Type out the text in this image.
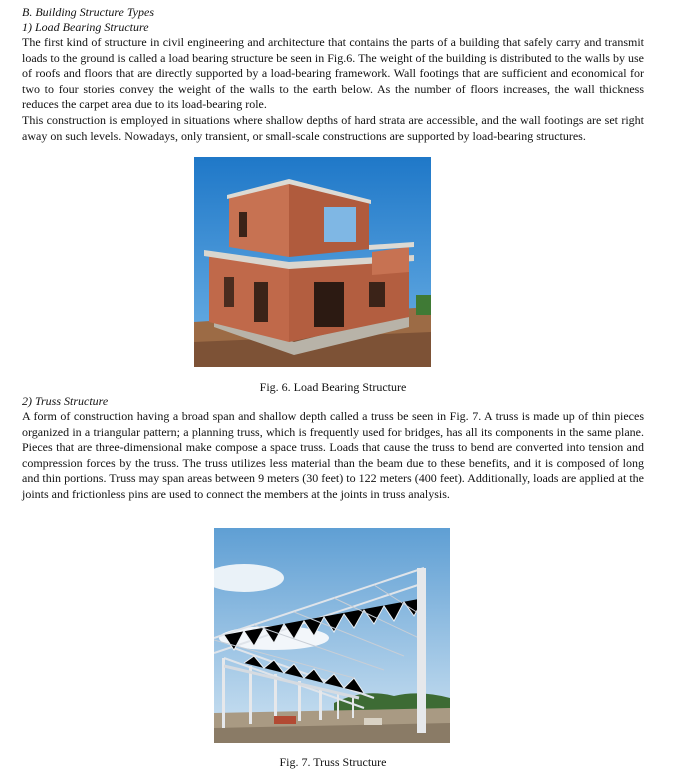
B. Building Structure Types

1) Load Bearing Structure

The first kind of structure in civil engineering and architecture that contains the parts of a building that safely carry and transmit loads to the ground is called a load bearing structure be seen in Fig.6. The weight of the building is distributed to the walls by use of roofs and floors that are directly supported by a load-bearing framework. Wall footings that are sufficient and economical for two to four stories convey the weight of the walls to the earth below. As the number of floors increases, the wall thickness reduces the carpet area due to its load-bearing role.

This construction is employed in situations where shallow depths of hard strata are accessible, and the wall footings are set right away on such levels. Nowadays, only transient, or small-scale constructions are supported by load-bearing structures.

Fig. 6. Load Bearing Structure

2) Truss Structure

A form of construction having a broad span and shallow depth called a truss be seen in Fig. 7. A truss is made up of thin pieces organized in a triangular pattern; a planning truss, which is frequently used for bridges, has all its components in the same plane. Pieces that are three-dimensional make compose a space truss. Loads that cause the truss to bend are converted into tension and compression forces by the truss. The truss utilizes less material than the beam due to these benefits, and it is composed of long and thin portions. Truss may span areas between 9 meters (30 feet) to 122 meters (400 feet). Additionally, loads are applied at the joints and frictionless pins are used to connect the members at the joints in truss analysis.

Fig. 7. Truss Structure
